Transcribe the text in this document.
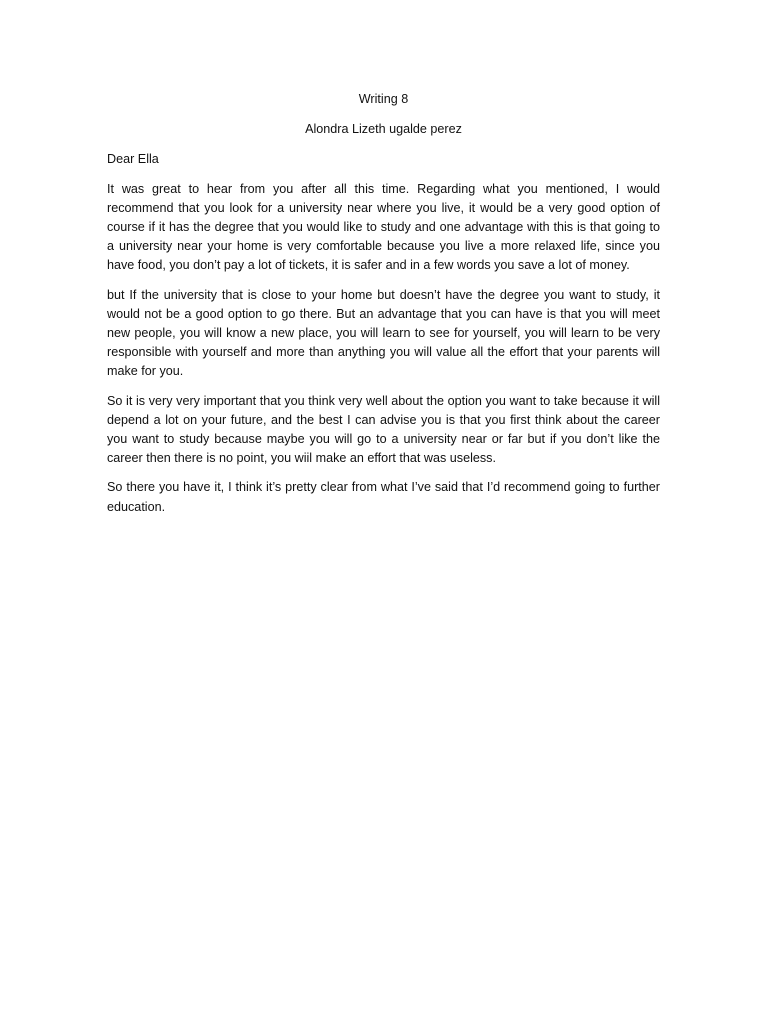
Writing 8

Alondra Lizeth ugalde perez

Dear Ella

It was great to hear from you after all this time. Regarding what you mentioned, I would recommend that you look for a university near where you live, it would be a very good option of course if it has the degree that you would like to study and one advantage with this is that going to a university near your home is very comfortable because you live a more relaxed life, since you have food, you don’t pay a lot of tickets, it is safer and in a few words you save a lot of money.

but If the university that is close to your home but doesn’t have the degree you want to study, it would not be a good option to go there. But an advantage that you can have is that you will meet new people, you will know a new place, you will learn to see for yourself, you will learn to be very responsible with yourself and more than anything you will value all the effort that your parents will make for you.

So it is very very important that you think very well about the option you want to take because it will depend a lot on your future, and the best I can advise you is that you first think about the career you want to study because maybe you will go to a university near or far but if you don’t like the career then there is no point, you wiil make an effort that was useless.

So there you have it, I think it’s pretty clear from what I’ve said that I’d recommend going to further education.
